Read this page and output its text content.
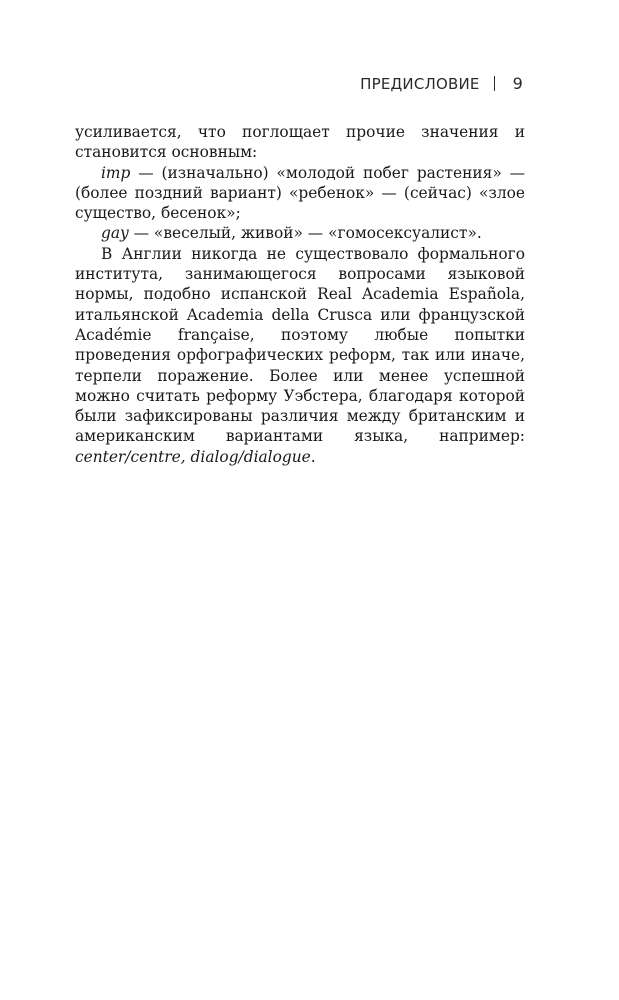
ПРЕДИСЛОВИЕ 9

усиливается, что поглощает прочие значения и становится основным:

imp — (изначально) «молодой побег растения» — (более поздний вариант) «ребенок» — (сейчас) «злое существо, бесенок»;

gay — «веселый, живой» — «гомосексуалист».

В Англии никогда не существовало формального института, занимающегося вопросами языковой нормы, подобно испанской Real Academia Española, итальянской Academia della Crusca или французской Académie française, поэтому любые попытки проведения орфографических реформ, так или иначе, терпели поражение. Более или менее успешной можно считать реформу Уэбстера, благодаря которой были зафиксированы различия между британским и американским вариантами языка, например: center/centre, dialog/dialogue.
